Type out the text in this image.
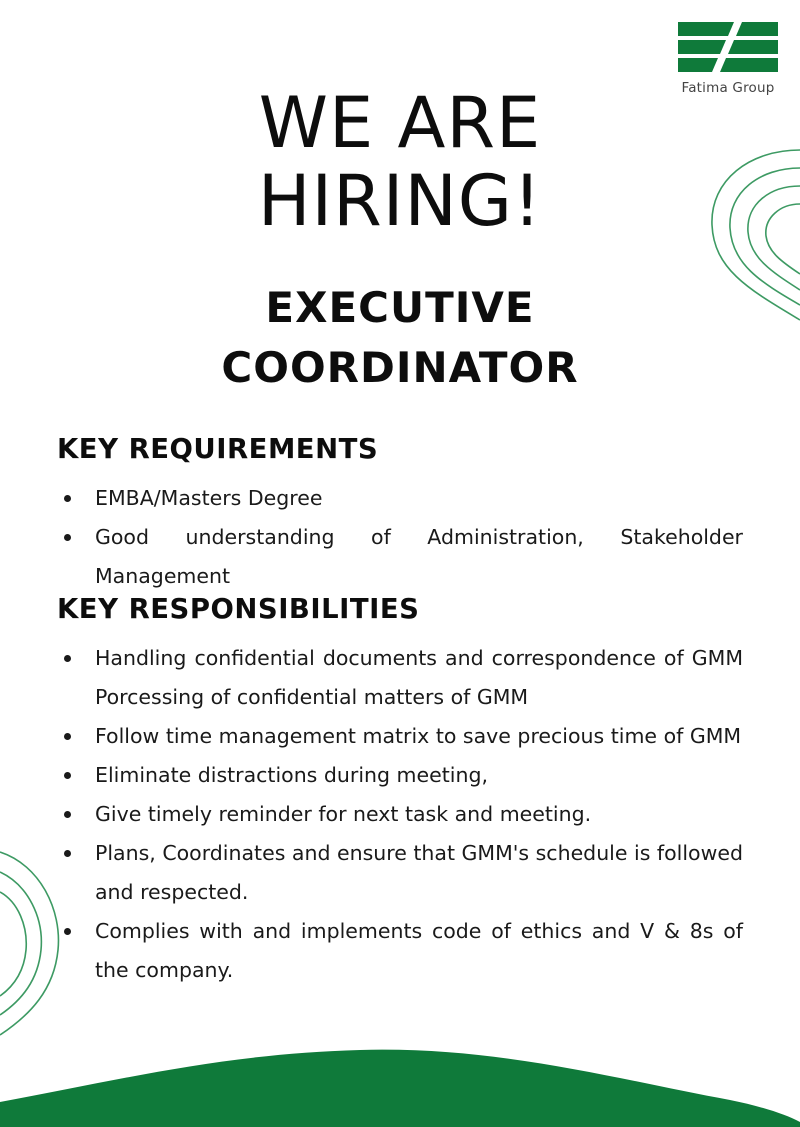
Fatima Group
WE ARE
HIRING!
EXECUTIVE
COORDINATOR
KEY REQUIREMENTS
EMBA/Masters Degree
Good understanding of Administration, Stakeholder Management
KEY RESPONSIBILITIES
Handling confidential documents and correspondence of GMM Porcessing of confidential matters of GMM
Follow time management matrix to save precious time of GMM
Eliminate distractions during meeting,
Give timely reminder for next task and meeting.
Plans, Coordinates and ensure that GMM's schedule is followed and respected.
Complies with and implements code of ethics and V & 8s of the company.
